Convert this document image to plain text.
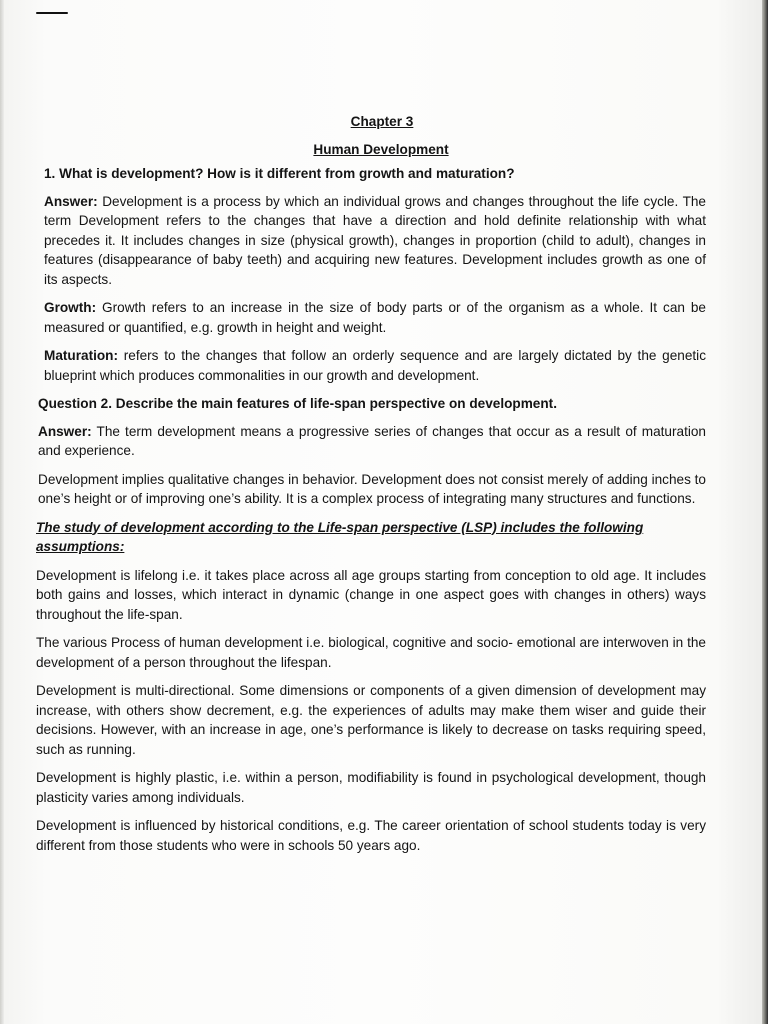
Chapter 3
Human Development
1. What is development? How is it different from growth and maturation?

Answer: Development is a process by which an individual grows and changes throughout the life cycle. The term Development refers to the changes that have a direction and hold definite relationship with what precedes it. It includes changes in size (physical growth), changes in proportion (child to adult), changes in features (disappearance of baby teeth) and acquiring new features. Development includes growth as one of its aspects.

Growth: Growth refers to an increase in the size of body parts or of the organism as a whole. It can be measured or quantified, e.g. growth in height and weight.

Maturation: refers to the changes that follow an orderly sequence and are largely dictated by the genetic blueprint which produces commonalities in our growth and development.

Question 2. Describe the main features of life-span perspective on development.

Answer: The term development means a progressive series of changes that occur as a result of maturation and experience.

Development implies qualitative changes in behavior. Development does not consist merely of adding inches to one’s height or of improving one’s ability. It is a complex process of integrating many structures and functions.

The study of development according to the Life-span perspective (LSP) includes the following assumptions:

Development is lifelong i.e. it takes place across all age groups starting from conception to old age. It includes both gains and losses, which interact in dynamic (change in one aspect goes with changes in others) ways throughout the life-span.

The various Process of human development i.e. biological, cognitive and socio- emotional are interwoven in the development of a person throughout the lifespan.

Development is multi-directional. Some dimensions or components of a given dimension of development may increase, with others show decrement, e.g. the experiences of adults may make them wiser and guide their decisions. However, with an increase in age, one’s performance is likely to decrease on tasks requiring speed, such as running.

Development is highly plastic, i.e. within a person, modifiability is found in psychological development, though plasticity varies among individuals.

Development is influenced by historical conditions, e.g. The career orientation of school students today is very different from those students who were in schools 50 years ago.
